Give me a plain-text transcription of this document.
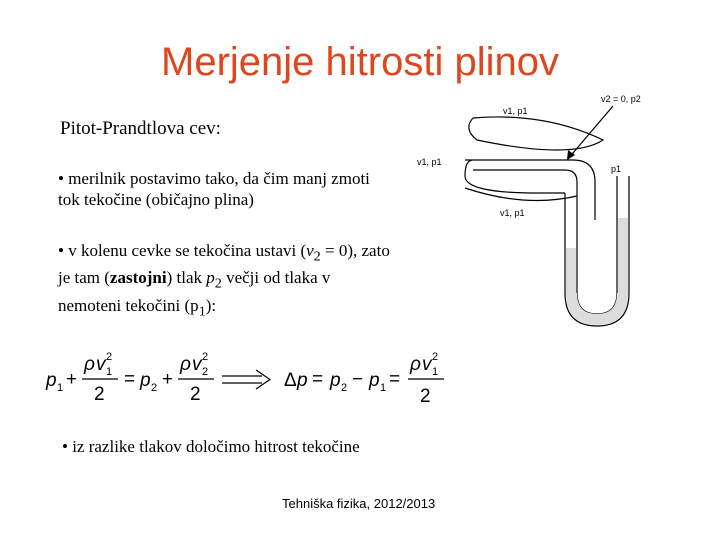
Merjenje hitrosti plinov
Pitot-Prandtlova cev:
• merilnik postavimo tako, da čim manj zmoti tok tekočine (običajno plina)
• v kolenu cevke se tekočina ustavi $(v_2 = 0)$, zato je tam (zastojni) tlak $p_2$ večji od tlaka v nemoteni tekočini $(p_1)$:
v1, p1
v1, p1
v1, p1
v2 = 0, p2
p1
p 1 +
ρ v 2
1
2
= p 2 +
ρ v 2
2
2
Δ p = p 2 − p 1 =
ρ v 2
1
2
• iz razlike tlakov določimo hitrost tekočine
Tehniška fizika, 2012/2013
